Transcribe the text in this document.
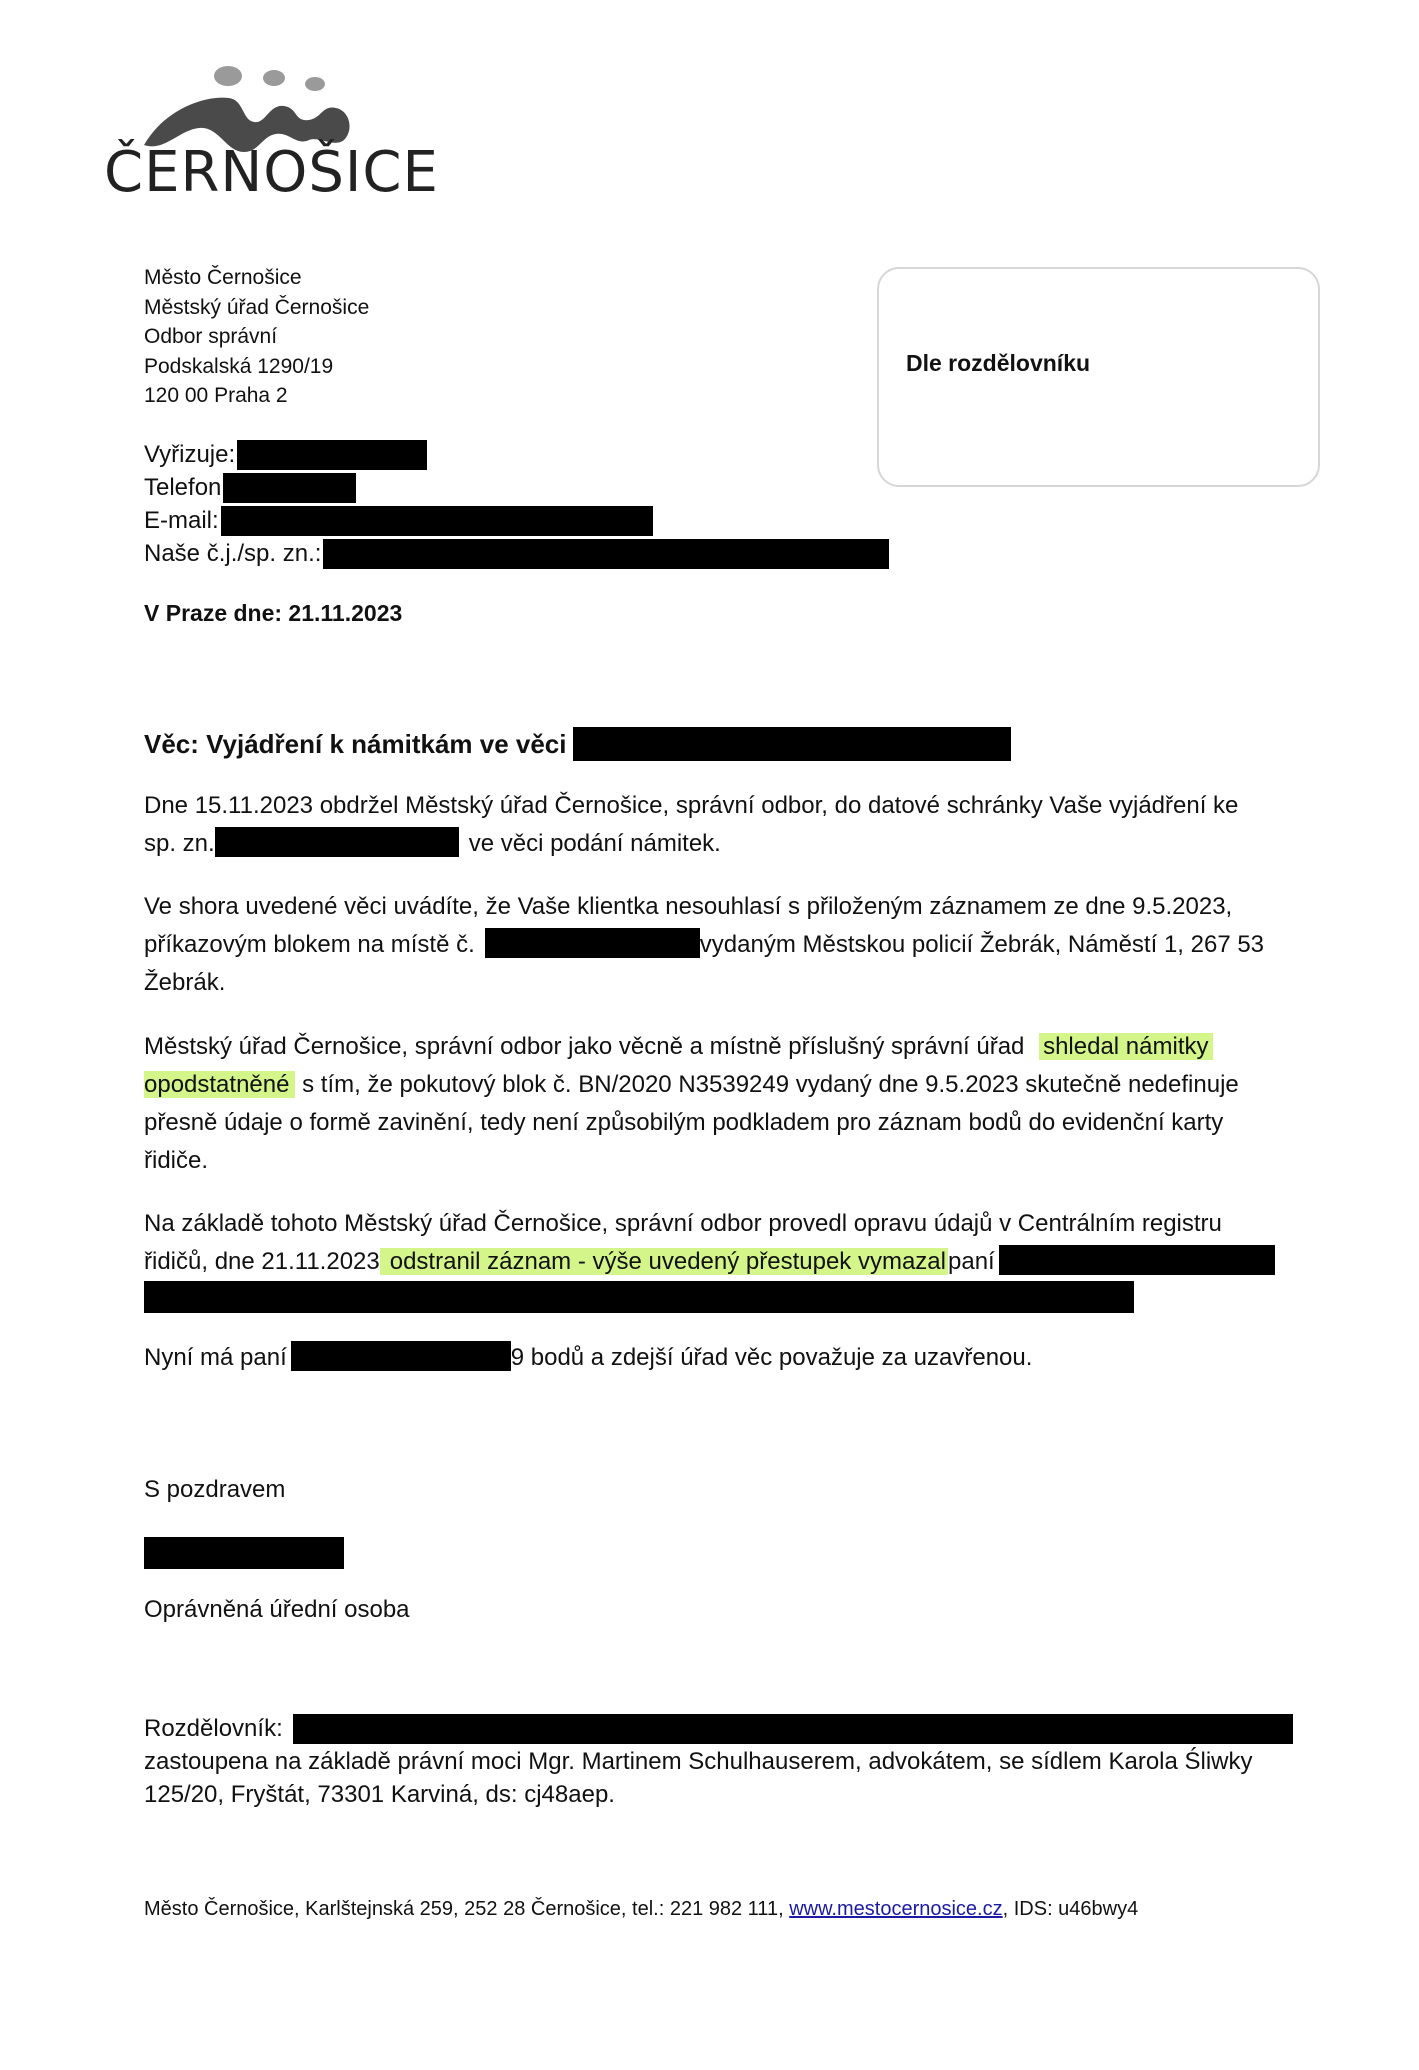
ČERNOŠICE
Město Černošice
Městský úřad Černošice
Odbor správní
Podskalská 1290/19
120 00 Praha 2
Dle rozdělovníku
Vyřizuje:
Telefon
E-mail:
Naše č.j./sp. zn.:
V Praze dne: 21.11.2023
Věc: Vyjádření k námitkám ve věci
Dne 15.11.2023 obdržel Městský úřad Černošice, správní odbor, do datové schránky Vaše vyjádření ke
sp. zn.	ve věci podání námitek.
Ve shora uvedené věci uvádíte, že Vaše klientka nesouhlasí s přiloženým záznamem ze dne 9.5.2023,
příkazovým blokem na místě č.	vydaným Městskou policií Žebrák, Náměstí 1, 267 53
Žebrák.
Městský úřad Černošice, správní odbor jako věcně a místně příslušný správní úřad shledal námitky
opodstatněné s tím, že pokutový blok č. BN/2020 N3539249 vydaný dne 9.5.2023 skutečně nedefinuje
přesně údaje o formě zavinění, tedy není způsobilým podkladem pro záznam bodů do evidenční karty
řidiče.
Na základě tohoto Městský úřad Černošice, správní odbor provedl opravu údajů v Centrálním registru
řidičů, dne 21.11.2023 odstranil záznam - výše uvedený přestupek vymazalpaní
Nyní má paní	9 bodů a zdejší úřad věc považuje za uzavřenou.
S pozdravem
Oprávněná úřední osoba
Rozdělovník:
zastoupena na základě právní moci Mgr. Martinem Schulhauserem, advokátem, se sídlem Karola Śliwky
125/20, Fryštát, 73301 Karviná, ds: cj48aep.
Město Černošice, Karlštejnská 259, 252 28 Černošice, tel.: 221 982 111, www.mestocernosice.cz, IDS: u46bwy4
